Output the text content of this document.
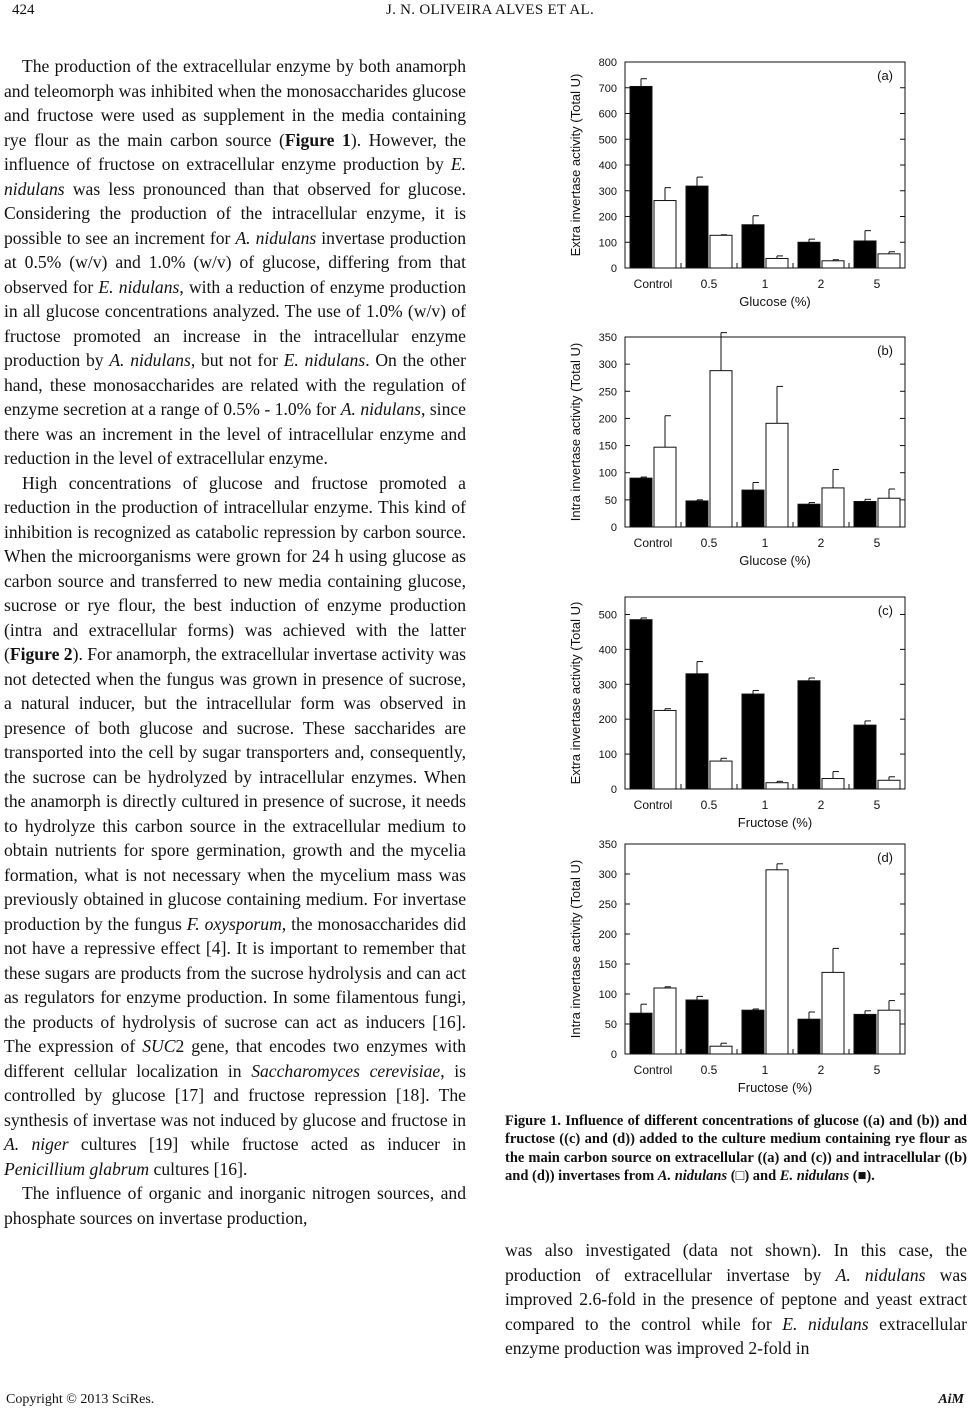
424	J. N. OLIVEIRA ALVES ET AL.

The production of the extracellular enzyme by both anamorph and teleomorph was inhibited when the monosaccharides glucose and fructose were used as supplement in the media containing rye flour as the main carbon source (Figure 1). However, the influence of fructose on extracellular enzyme production by E. nidulans was less pronounced than that observed for glucose. Considering the production of the intracellular enzyme, it is possible to see an increment for A. nidulans invertase production at 0.5% (w/v) and 1.0% (w/v) of glucose, differing from that observed for E. nidulans, with a reduction of enzyme production in all glucose concentrations analyzed. The use of 1.0% (w/v) of fructose promoted an increase in the intracellular enzyme production by A. nidulans, but not for E. nidulans. On the other hand, these monosaccharides are related with the regulation of enzyme secretion at a range of 0.5% - 1.0% for A. nidulans, since there was an increment in the level of intracellular enzyme and reduction in the level of extracellular enzyme.

High concentrations of glucose and fructose promoted a reduction in the production of intracellular enzyme. This kind of inhibition is recognized as catabolic repression by carbon source. When the microorganisms were grown for 24 h using glucose as carbon source and transferred to new media containing glucose, sucrose or rye flour, the best induction of enzyme production (intra and extracellular forms) was achieved with the latter (Figure 2). For anamorph, the extracellular invertase activity was not detected when the fungus was grown in presence of sucrose, a natural inducer, but the intracellular form was observed in presence of both glucose and sucrose. These saccharides are transported into the cell by sugar transporters and, consequently, the sucrose can be hydrolyzed by intracellular enzymes. When the anamorph is directly cultured in presence of sucrose, it needs to hydrolyze this carbon source in the extracellular medium to obtain nutrients for spore germination, growth and the mycelia formation, what is not necessary when the mycelium mass was previously obtained in glucose containing medium. For invertase production by the fungus F. oxysporum, the monosaccharides did not have a repressive effect [4]. It is important to remember that these sugars are products from the sucrose hydrolysis and can act as regulators for enzyme production. In some filamentous fungi, the products of hydrolysis of sucrose can act as inducers [16]. The expression of SUC2 gene, that encodes two enzymes with different cellular localization in Saccharomyces cerevisiae, is controlled by glucose [17] and fructose repression [18]. The synthesis of invertase was not induced by glucose and fructose in A. niger cultures [19] while fructose acted as inducer in Penicillium glabrum cultures [16].

The influence of organic and inorganic nitrogen sources, and phosphate sources on invertase production,

0
100
200
300
400
500
600
700
800
(a)
Control 0.5	1	2	5
Glucose (%)
Extra invertase activity (Total U)
0
50
100
150
200
250
300
350
(b)
Control 0.5	1	2	5
Glucose (%)
Intra invertase activity (Total U)
0
100
200
300
400
500	(c)
Control 0.5	1	2	5
Fructose (%)
Extra invertase activity (Total U)
0
50
100
150
200
250
300
350
(d)
Control 0.5	1	2	5
Fructose (%)
Intra invertase activity (Total U)
Figure 1. Influence of different concentrations of glucose ((a) and (b)) and fructose ((c) and (d)) added to the culture medium containing rye flour as the main carbon source on extracellular ((a) and (c)) and intracellular ((b) and (d)) invertases from A. nidulans (□) and E. nidulans (■).

was also investigated (data not shown). In this case, the production of extracellular invertase by A. nidulans was improved 2.6-fold in the presence of peptone and yeast extract compared to the control while for E. nidulans extracellular enzyme production was improved 2-fold in

Copyright © 2013 SciRes.	AiM
